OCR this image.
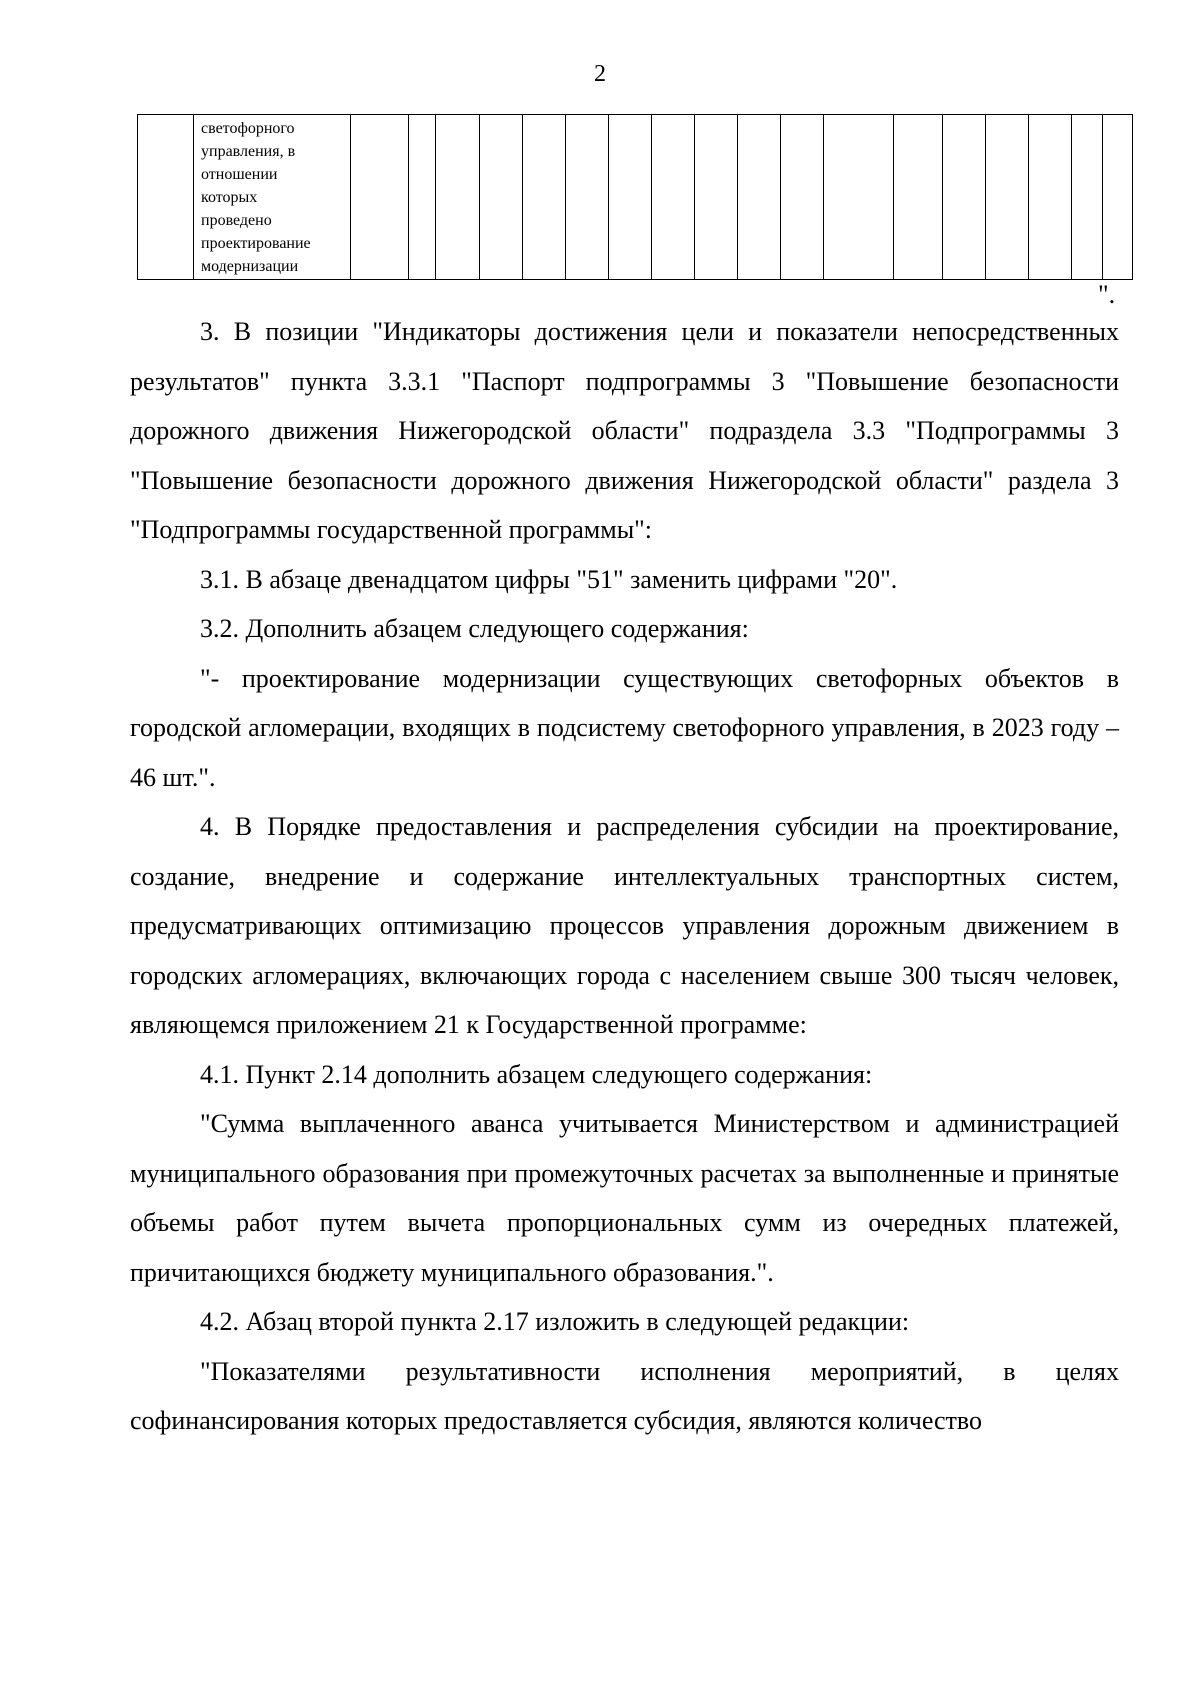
2
	светофорного
управления, в
отношении
которых
проведено
проектирование
модернизации																		
".

3. В позиции "Индикаторы достижения цели и показатели непосредственных результатов" пункта 3.3.1 "Паспорт подпрограммы 3 "Повышение безопасности дорожного движения Нижегородской области" подраздела 3.3 "Подпрограммы 3 "Повышение безопасности дорожного движения Нижегородской области" раздела 3 "Подпрограммы государственной программы":

3.1. В абзаце двенадцатом цифры "51" заменить цифрами "20".

3.2. Дополнить абзацем следующего содержания:

"- проектирование модернизации существующих светофорных объектов в городской агломерации, входящих в подсистему светофорного управления, в 2023 году – 46 шт.".

4. В Порядке предоставления и распределения субсидии на проектирование, создание, внедрение и содержание интеллектуальных транспортных систем, предусматривающих оптимизацию процессов управления дорожным движением в городских агломерациях, включающих города с населением свыше 300 тысяч человек, являющемся приложением 21 к Государственной программе:

4.1. Пункт 2.14 дополнить абзацем следующего содержания:

"Сумма выплаченного аванса учитывается Министерством и администрацией муниципального образования при промежуточных расчетах за выполненные и принятые объемы работ путем вычета пропорциональных сумм из очередных платежей, причитающихся бюджету муниципального образования.".

4.2. Абзац второй пункта 2.17 изложить в следующей редакции:

"Показателями результативности исполнения мероприятий, в целях софинансирования которых предоставляется субсидия, являются количество
